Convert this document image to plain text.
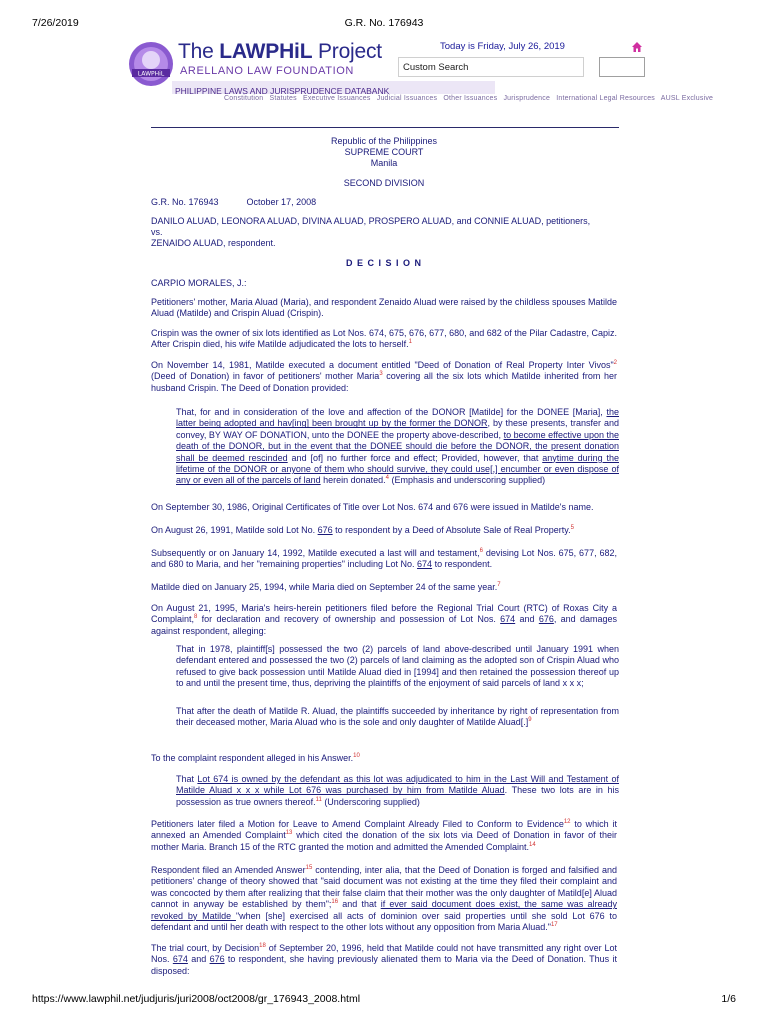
7/26/2019	G.R. No. 176943
LAWPHiL
The LAWPHiL Project
ARELLANO LAW FOUNDATION
PHILIPPINE LAWS AND JURISPRUDENCE DATABANK
Today is Friday, July 26, 2019
Custom Search
Constitution Statutes Executive Issuances Judicial Issuances Other Issuances Jurisprudence International Legal Resources AUSL Exclusive
Republic of the Philippines
SUPREME COURT
Manila
SECOND DIVISION
G.R. No. 176943	October 17, 2008
DANILO ALUAD, LEONORA ALUAD, DIVINA ALUAD, PROSPERO ALUAD, and CONNIE ALUAD, petitioners,
vs.
ZENAIDO ALUAD, respondent.
D E C I S I O N
CARPIO MORALES, J.:
Petitioners' mother, Maria Aluad (Maria), and respondent Zenaido Aluad were raised by the childless spouses Matilde Aluad (Matilde) and Crispin Aluad (Crispin).
Crispin was the owner of six lots identified as Lot Nos. 674, 675, 676, 677, 680, and 682 of the Pilar Cadastre, Capiz. After Crispin died, his wife Matilde adjudicated the lots to herself.$^1$
On November 14, 1981, Matilde executed a document entitled "Deed of Donation of Real Property Inter Vivos"$^2$ (Deed of Donation) in favor of petitioners' mother Maria$^3$ covering all the six lots which Matilde inherited from her husband Crispin. The Deed of Donation provided:
That, for and in consideration of the love and affection of the DONOR [Matilde] for the DONEE [Maria], the latter being adopted and hav[ing] been brought up by the former the DONOR, by these presents, transfer and convey, BY WAY OF DONATION, unto the DONEE the property above-described, to become effective upon the death of the DONOR, but in the event that the DONEE should die before the DONOR, the present donation shall be deemed rescinded and [of] no further force and effect; Provided, however, that anytime during the lifetime of the DONOR or anyone of them who should survive, they could use[,] encumber or even dispose of any or even all of the parcels of land herein donated.$^4$ (Emphasis and underscoring supplied)
On September 30, 1986, Original Certificates of Title over Lot Nos. 674 and 676 were issued in Matilde's name.
On August 26, 1991, Matilde sold Lot No. 676 to respondent by a Deed of Absolute Sale of Real Property.$^5$
Subsequently or on January 14, 1992, Matilde executed a last will and testament,$^6$ devising Lot Nos. 675, 677, 682, and 680 to Maria, and her "remaining properties" including Lot No. 674 to respondent.
Matilde died on January 25, 1994, while Maria died on September 24 of the same year.$^7$
On August 21, 1995, Maria's heirs-herein petitioners filed before the Regional Trial Court (RTC) of Roxas City a Complaint,$^8$ for declaration and recovery of ownership and possession of Lot Nos. 674 and 676, and damages against respondent, alleging:
That in 1978, plaintiff[s] possessed the two (2) parcels of land above-described until January 1991 when defendant entered and possessed the two (2) parcels of land claiming as the adopted son of Crispin Aluad who refused to give back possession until Matilde Aluad died in [1994] and then retained the possession thereof up to and until the present time, thus, depriving the plaintiffs of the enjoyment of said parcels of land x x x;
That after the death of Matilde R. Aluad, the plaintiffs succeeded by inheritance by right of representation from their deceased mother, Maria Aluad who is the sole and only daughter of Matilde Aluad[.]$^9$
To the complaint respondent alleged in his Answer.$^{10}$
That Lot 674 is owned by the defendant as this lot was adjudicated to him in the Last Will and Testament of Matilde Aluad x x x while Lot 676 was purchased by him from Matilde Aluad. These two lots are in his possession as true owners thereof.$^{11}$ (Underscoring supplied)
Petitioners later filed a Motion for Leave to Amend Complaint Already Filed to Conform to Evidence$^{12}$ to which it annexed an Amended Complaint$^{13}$ which cited the donation of the six lots via Deed of Donation in favor of their mother Maria. Branch 15 of the RTC granted the motion and admitted the Amended Complaint.$^{14}$
Respondent filed an Amended Answer$^{15}$ contending, inter alia, that the Deed of Donation is forged and falsified and petitioners' change of theory showed that "said document was not existing at the time they filed their complaint and was concocted by them after realizing that their false claim that their mother was the only daughter of Matild[e] Aluad cannot in anyway be established by them";$^{16}$ and that if ever said document does exist, the same was already revoked by Matilde "when [she] exercised all acts of dominion over said properties until she sold Lot 676 to defendant and until her death with respect to the other lots without any opposition from Maria Aluad."$^{17}$
The trial court, by Decision$^{18}$ of September 20, 1996, held that Matilde could not have transmitted any right over Lot Nos. 674 and 676 to respondent, she having previously alienated them to Maria via the Deed of Donation. Thus it disposed:
https://www.lawphil.net/judjuris/juri2008/oct2008/gr_176943_2008.html	1/6
